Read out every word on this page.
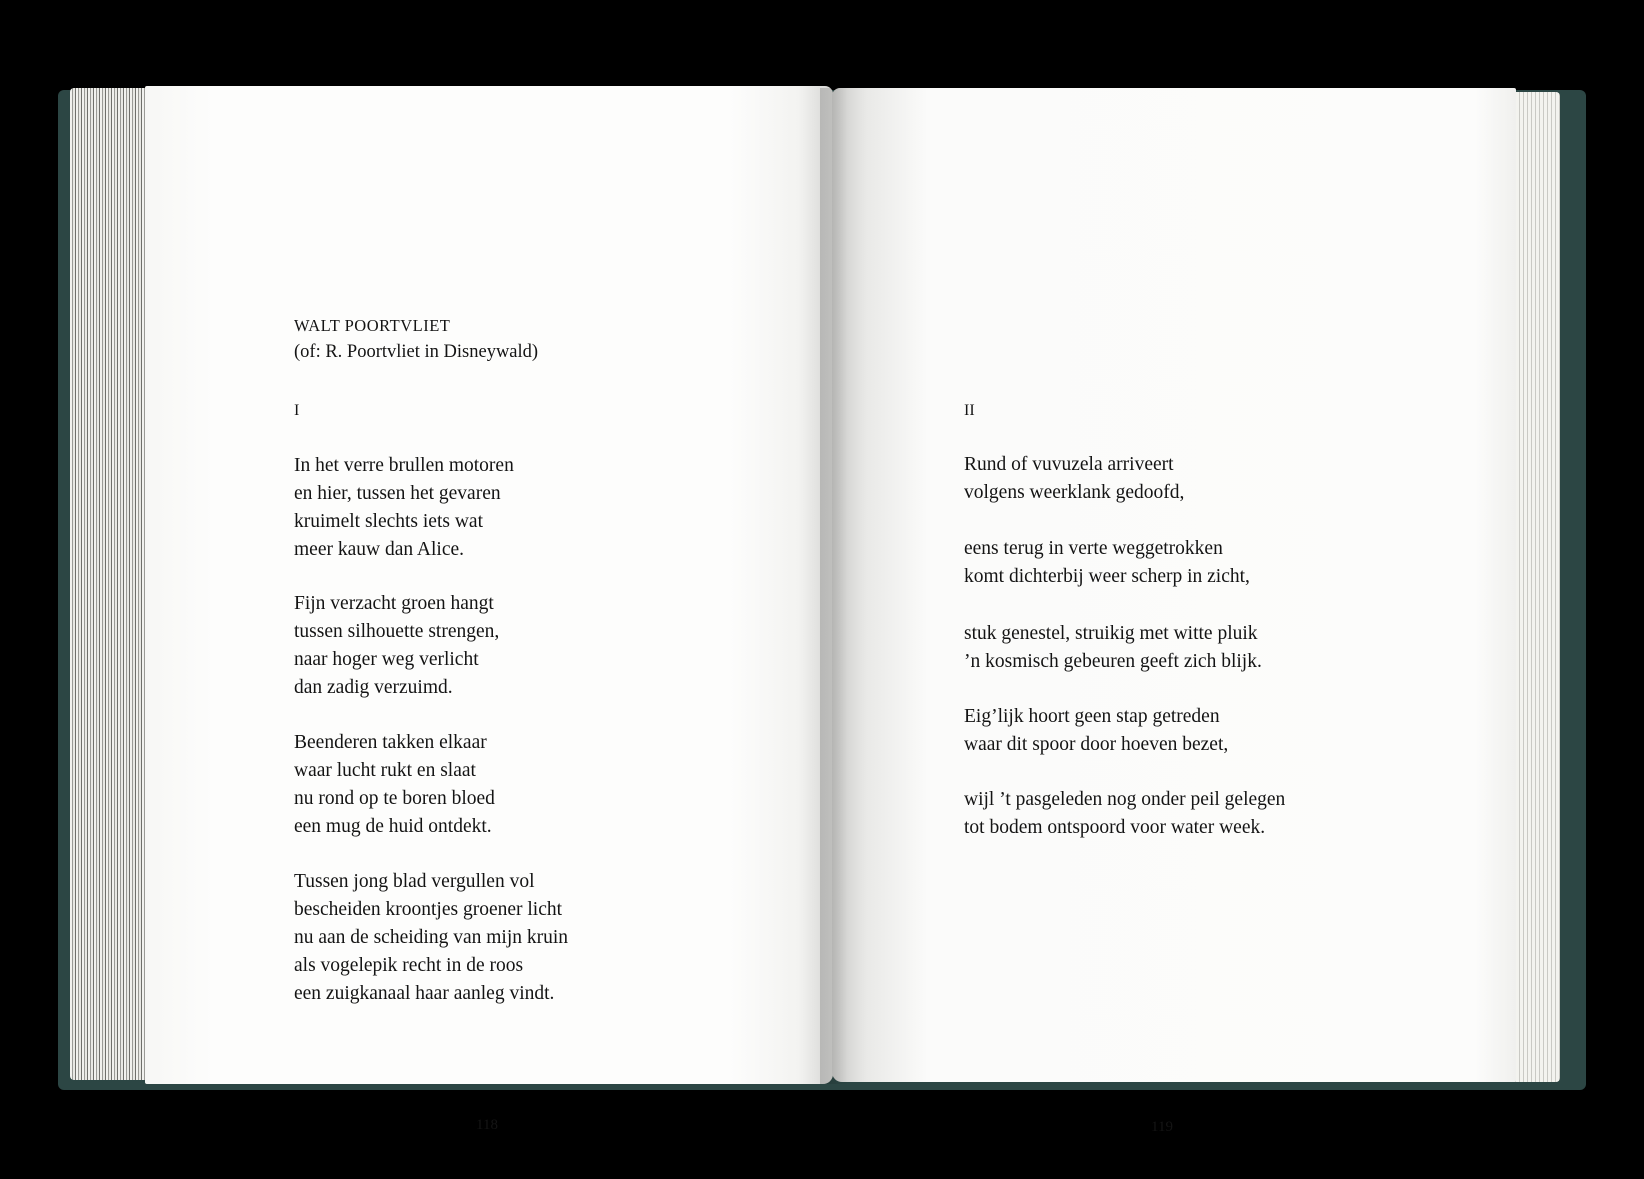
WALT POORTVLIET
(of: R. Poortvliet in Disneywald)
I
In het verre brullen motoren
en hier, tussen het gevaren
kruimelt slechts iets wat
meer kauw dan Alice.
Fijn verzacht groen hangt
tussen silhouette strengen,
naar hoger weg verlicht
dan zadig verzuimd.
Beenderen takken elkaar
waar lucht rukt en slaat
nu rond op te boren bloed
een mug de huid ontdekt.
Tussen jong blad vergullen vol
bescheiden kroontjes groener licht
nu aan de scheiding van mijn kruin
als vogelepik recht in de roos
een zuigkanaal haar aanleg vindt.
118
II
Rund of vuvuzela arriveert
volgens weerklank gedoofd,
eens terug in verte weggetrokken
komt dichterbij weer scherp in zicht,
stuk genestel, struikig met witte pluik
’n kosmisch gebeuren geeft zich blijk.
Eig’lijk hoort geen stap getreden
waar dit spoor door hoeven bezet,
wijl ’t pasgeleden nog onder peil gelegen
tot bodem ontspoord voor water week.
119
